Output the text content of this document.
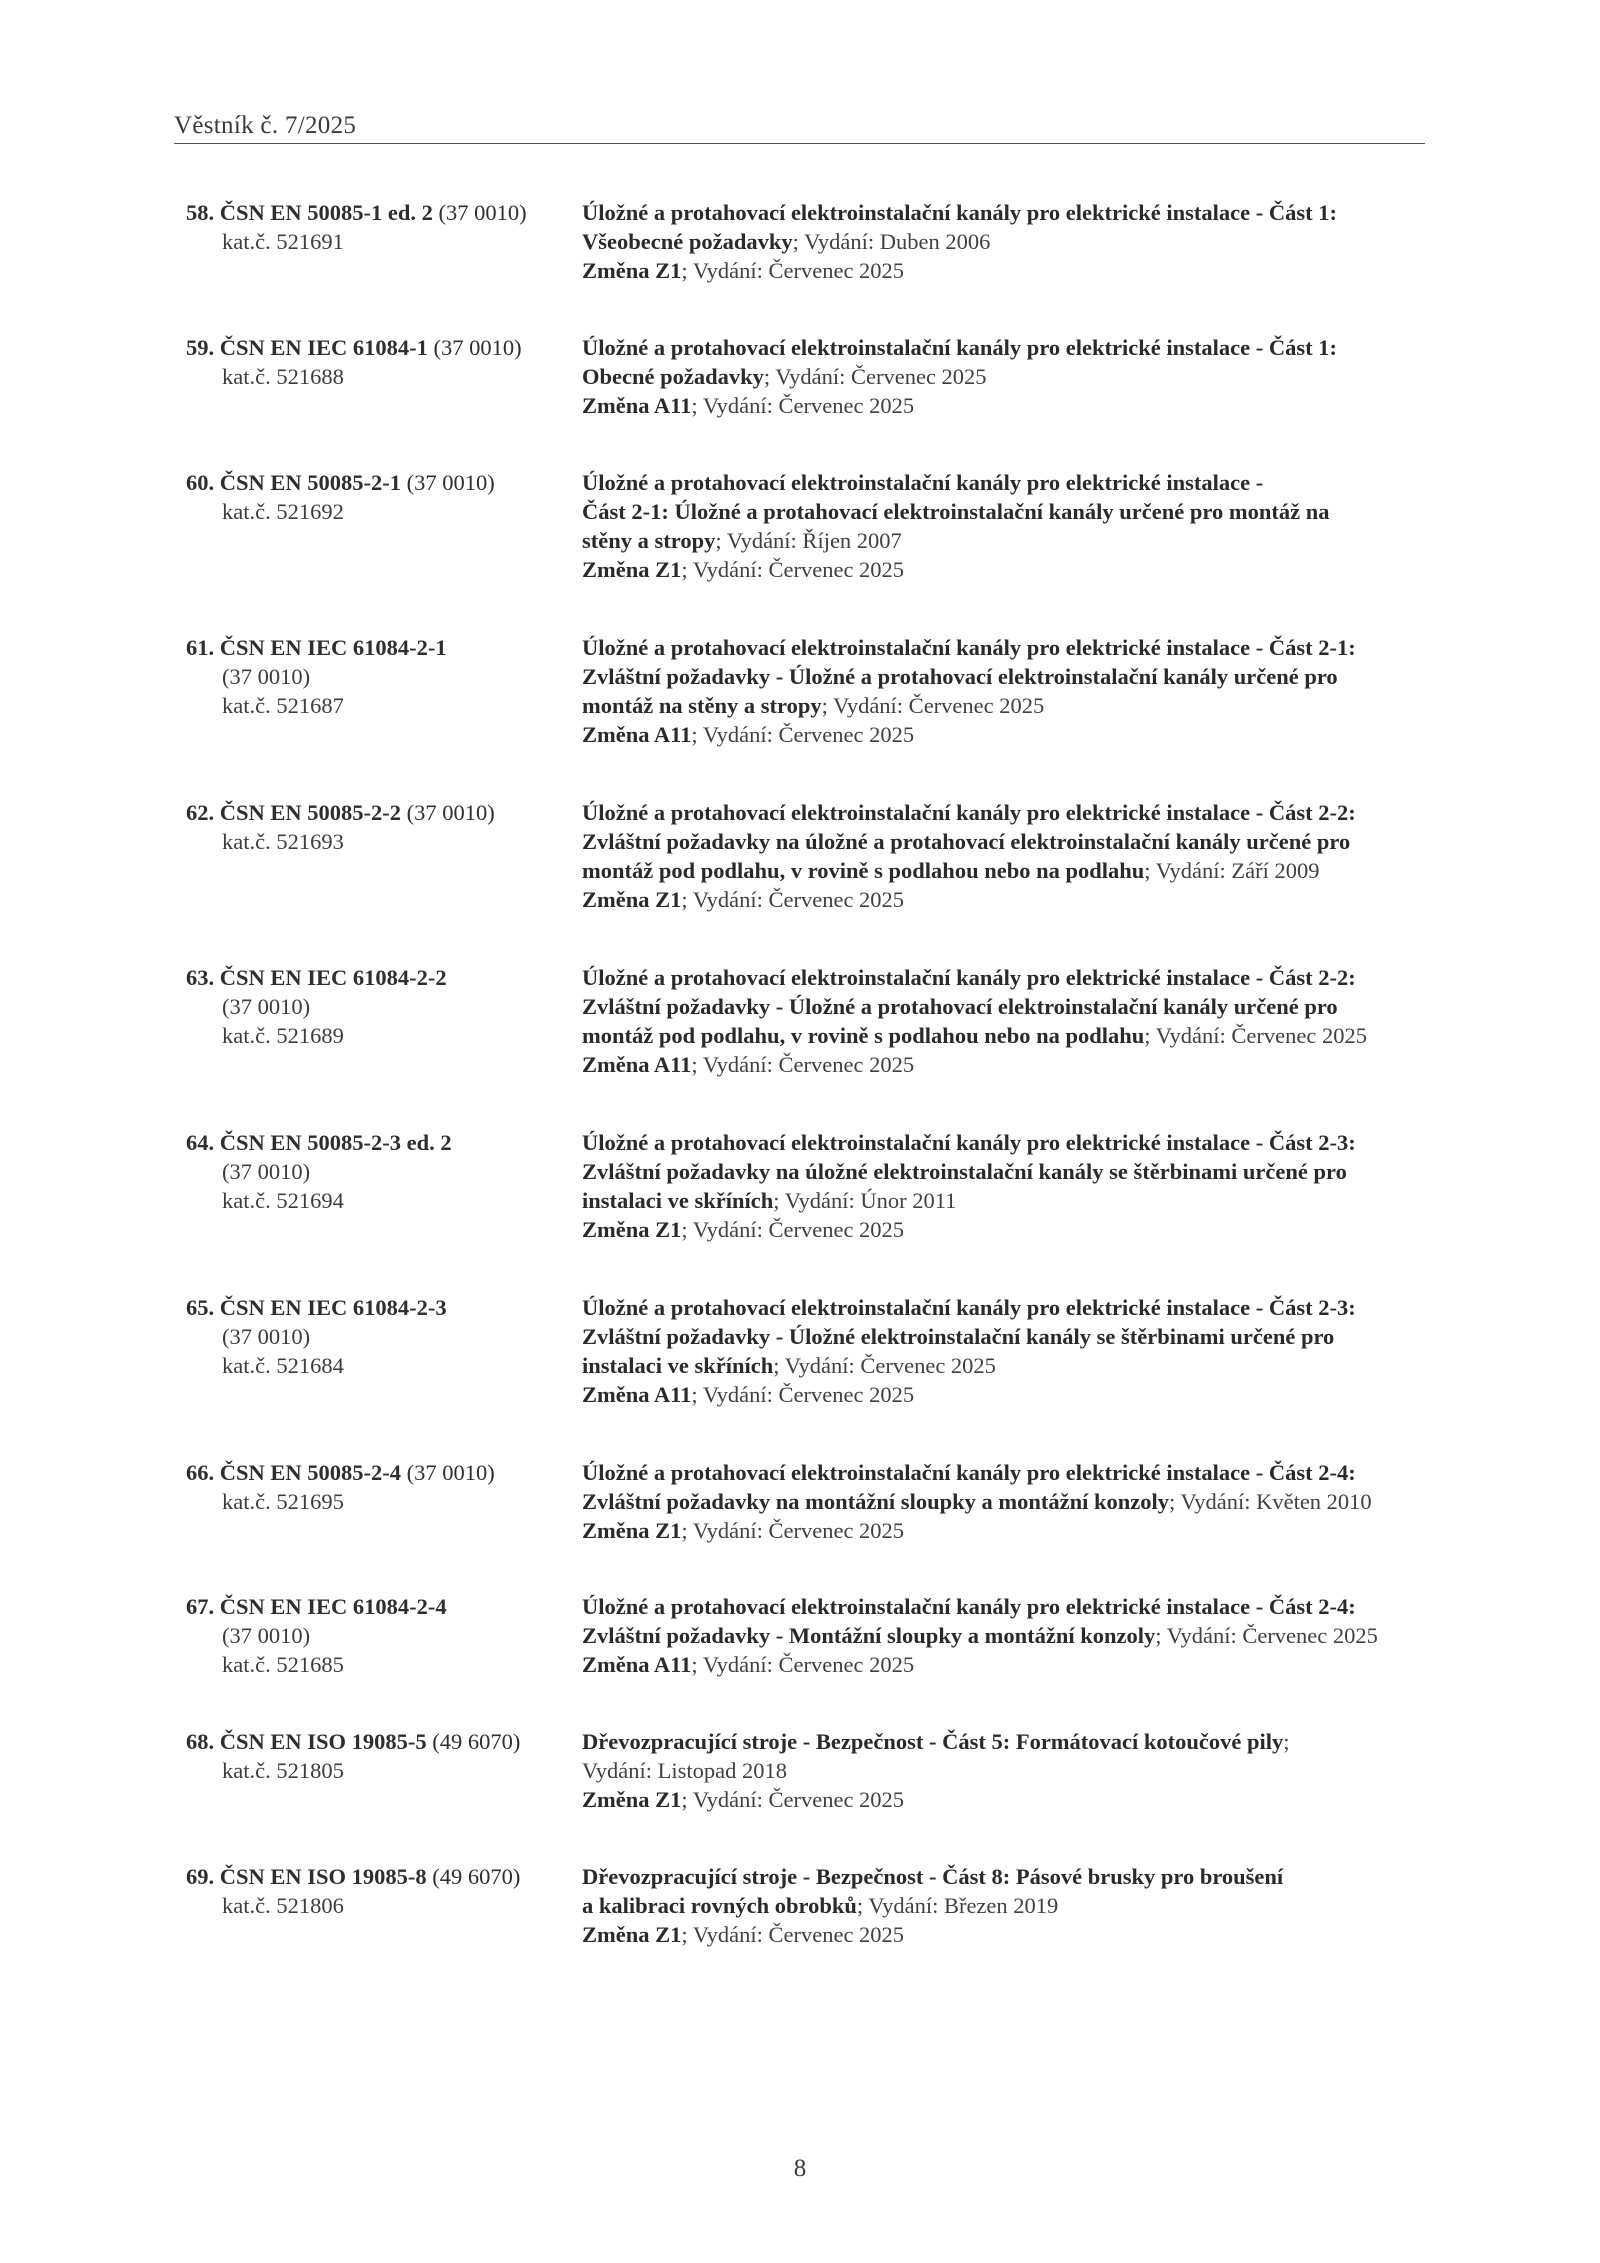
Věstník č. 7/2025
58. ČSN EN 50085-1 ed. 2 (37 0010)
kat.č. 521691
Úložné a protahovací elektroinstalační kanály pro elektrické instalace - Část 1:
Všeobecné požadavky; Vydání: Duben 2006
Změna Z1; Vydání: Červenec 2025
59. ČSN EN IEC 61084-1 (37 0010)
kat.č. 521688
Úložné a protahovací elektroinstalační kanály pro elektrické instalace - Část 1:
Obecné požadavky; Vydání: Červenec 2025
Změna A11; Vydání: Červenec 2025
60. ČSN EN 50085-2-1 (37 0010)
kat.č. 521692
Úložné a protahovací elektroinstalační kanály pro elektrické instalace -
Část 2-1: Úložné a protahovací elektroinstalační kanály určené pro montáž na
stěny a stropy; Vydání: Říjen 2007
Změna Z1; Vydání: Červenec 2025
61. ČSN EN IEC 61084-2-1
(37 0010)
kat.č. 521687
Úložné a protahovací elektroinstalační kanály pro elektrické instalace - Část 2-1:
Zvláštní požadavky - Úložné a protahovací elektroinstalační kanály určené pro
montáž na stěny a stropy; Vydání: Červenec 2025
Změna A11; Vydání: Červenec 2025
62. ČSN EN 50085-2-2 (37 0010)
kat.č. 521693
Úložné a protahovací elektroinstalační kanály pro elektrické instalace - Část 2-2:
Zvláštní požadavky na úložné a protahovací elektroinstalační kanály určené pro
montáž pod podlahu, v rovině s podlahou nebo na podlahu; Vydání: Září 2009
Změna Z1; Vydání: Červenec 2025
63. ČSN EN IEC 61084-2-2
(37 0010)
kat.č. 521689
Úložné a protahovací elektroinstalační kanály pro elektrické instalace - Část 2-2:
Zvláštní požadavky - Úložné a protahovací elektroinstalační kanály určené pro
montáž pod podlahu, v rovině s podlahou nebo na podlahu; Vydání: Červenec 2025
Změna A11; Vydání: Červenec 2025
64. ČSN EN 50085-2-3 ed. 2
(37 0010)
kat.č. 521694
Úložné a protahovací elektroinstalační kanály pro elektrické instalace - Část 2-3:
Zvláštní požadavky na úložné elektroinstalační kanály se štěrbinami určené pro
instalaci ve skříních; Vydání: Únor 2011
Změna Z1; Vydání: Červenec 2025
65. ČSN EN IEC 61084-2-3
(37 0010)
kat.č. 521684
Úložné a protahovací elektroinstalační kanály pro elektrické instalace - Část 2-3:
Zvláštní požadavky - Úložné elektroinstalační kanály se štěrbinami určené pro
instalaci ve skříních; Vydání: Červenec 2025
Změna A11; Vydání: Červenec 2025
66. ČSN EN 50085-2-4 (37 0010)
kat.č. 521695
Úložné a protahovací elektroinstalační kanály pro elektrické instalace - Část 2-4:
Zvláštní požadavky na montážní sloupky a montážní konzoly; Vydání: Květen 2010
Změna Z1; Vydání: Červenec 2025
67. ČSN EN IEC 61084-2-4
(37 0010)
kat.č. 521685
Úložné a protahovací elektroinstalační kanály pro elektrické instalace - Část 2-4:
Zvláštní požadavky - Montážní sloupky a montážní konzoly; Vydání: Červenec 2025
Změna A11; Vydání: Červenec 2025
68. ČSN EN ISO 19085-5 (49 6070)
kat.č. 521805
Dřevozpracující stroje - Bezpečnost - Část 5: Formátovací kotoučové pily;
Vydání: Listopad 2018
Změna Z1; Vydání: Červenec 2025
69. ČSN EN ISO 19085-8 (49 6070)
kat.č. 521806
Dřevozpracující stroje - Bezpečnost - Část 8: Pásové brusky pro broušení
a kalibraci rovných obrobků; Vydání: Březen 2019
Změna Z1; Vydání: Červenec 2025
8
